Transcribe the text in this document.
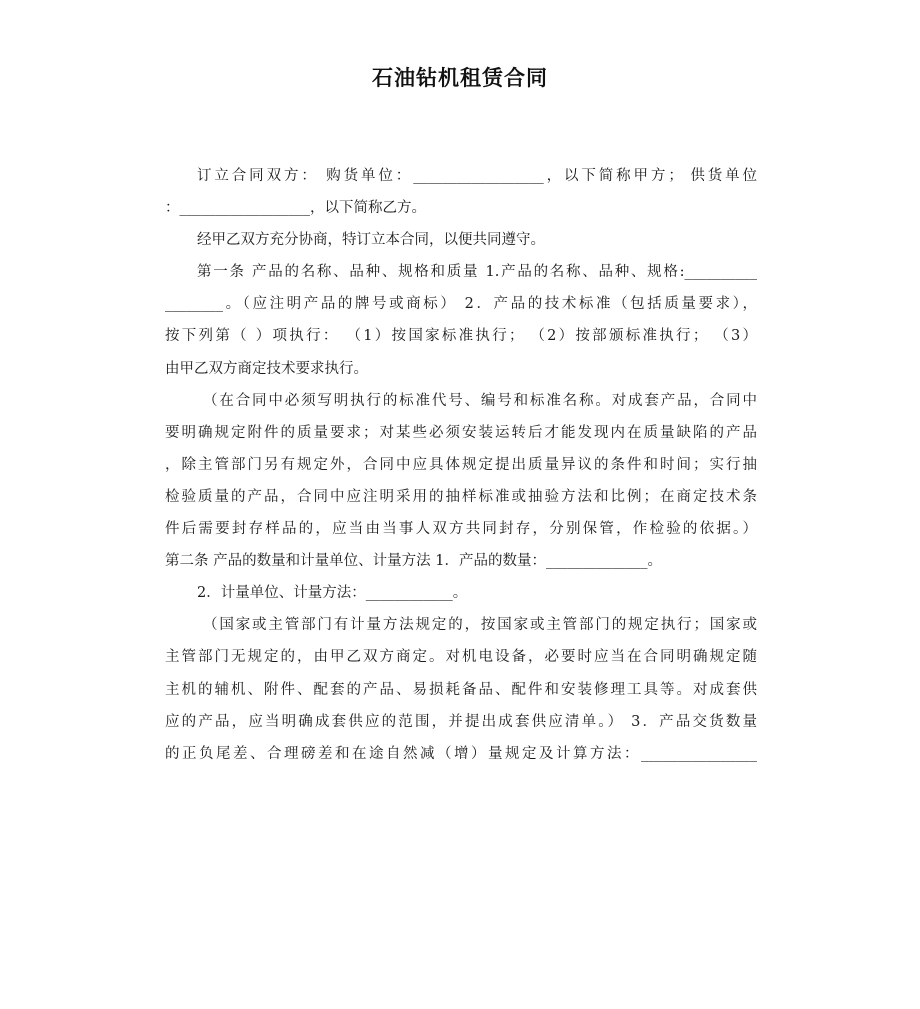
石油钻机租赁合同
订立合同双方： 购货单位：__________________，以下简称甲方； 供货单位
：__________________，以下简称乙方。
经甲乙双方充分协商，特订立本合同，以便共同遵守。
第一条 产品的名称、品种、规格和质量 1.产品的名称、品种、规格:__________
________。（应注明产品的牌号或商标） 2．产品的技术标准（包括质量要求），
按下列第（ ）项执行： （1）按国家标准执行； （2）按部颁标准执行； （3）
由甲乙双方商定技术要求执行。
（在合同中必须写明执行的标准代号、编号和标准名称。对成套产品，合同中
要明确规定附件的质量要求；对某些必须安装运转后才能发现内在质量缺陷的产品
，除主管部门另有规定外，合同中应具体规定提出质量异议的条件和时间；实行抽
检验质量的产品，合同中应注明采用的抽样标准或抽验方法和比例；在商定技术条
件后需要封存样品的，应当由当事人双方共同封存，分别保管，作检验的依据。）
第二条 产品的数量和计量单位、计量方法 1．产品的数量：______________。
2．计量单位、计量方法：____________。
（国家或主管部门有计量方法规定的，按国家或主管部门的规定执行；国家或
主管部门无规定的，由甲乙双方商定。对机电设备，必要时应当在合同明确规定随
主机的辅机、附件、配套的产品、易损耗备品、配件和安装修理工具等。对成套供
应的产品，应当明确成套供应的范围，并提出成套供应清单。） 3．产品交货数量
的正负尾差、合理磅差和在途自然减（增）量规定及计算方法：________________
